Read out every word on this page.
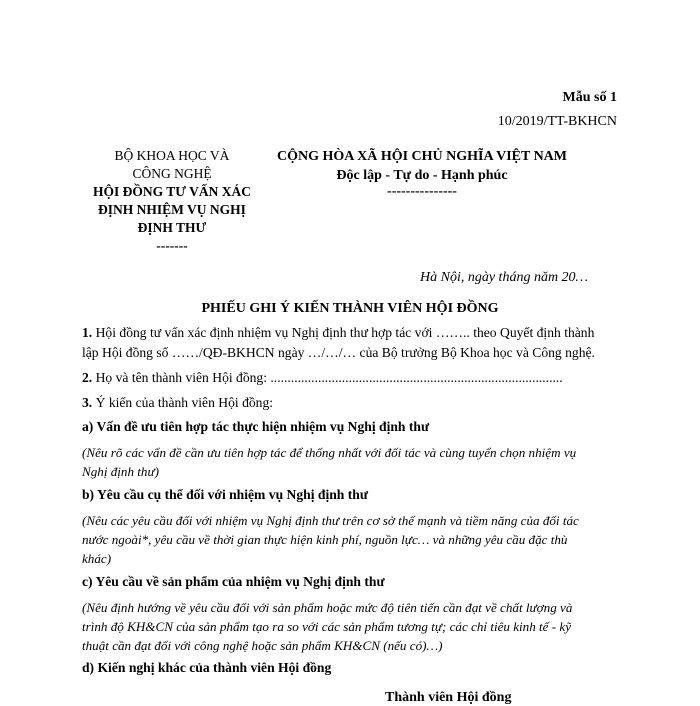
Mẫu số 1
10/2019/TT-BKHCN
BỘ KHOA HỌC VÀ
CÔNG NGHỆ
HỘI ĐỒNG TƯ VẤN XÁC
ĐỊNH NHIỆM VỤ NGHỊ
ĐỊNH THƯ
-------
CỘNG HÒA XÃ HỘI CHỦ NGHĨA VIỆT NAM
Độc lập - Tự do - Hạnh phúc
---------------
Hà Nội, ngày tháng năm 20…
PHIẾU GHI Ý KIẾN THÀNH VIÊN HỘI ĐỒNG
1. Hội đồng tư vấn xác định nhiệm vụ Nghị định thư hợp tác với …….. theo Quyết định thành
lập Hội đồng số ……/QĐ-BKHCN ngày …/…/… của Bộ trưởng Bộ Khoa học và Công nghệ.
2. Họ và tên thành viên Hội đồng: ......................................................................................
3. Ý kiến của thành viên Hội đồng:
a) Vấn đề ưu tiên hợp tác thực hiện nhiệm vụ Nghị định thư
(Nêu rõ các vấn đề cần ưu tiên hợp tác để thống nhất với đối tác và cùng tuyển chọn nhiệm vụ
Nghị định thư)
b) Yêu cầu cụ thể đối với nhiệm vụ Nghị định thư
(Nêu các yêu cầu đối với nhiệm vụ Nghị định thư trên cơ sở thế mạnh và tiềm năng của đối tác
nước ngoài*, yêu cầu về thời gian thực hiện kinh phí, nguồn lực… và những yêu cầu đặc thù
khác)
c) Yêu cầu về sản phẩm của nhiệm vụ Nghị định thư
(Nêu định hướng về yêu cầu đối với sản phẩm hoặc mức độ tiên tiến cần đạt về chất lượng và
trình độ KH&CN của sản phẩm tạo ra so với các sản phẩm tương tự; các chỉ tiêu kinh tế - kỹ
thuật cần đạt đối với công nghệ hoặc sản phẩm KH&CN (nếu có)…)
d) Kiến nghị khác của thành viên Hội đồng
Thành viên Hội đồng
